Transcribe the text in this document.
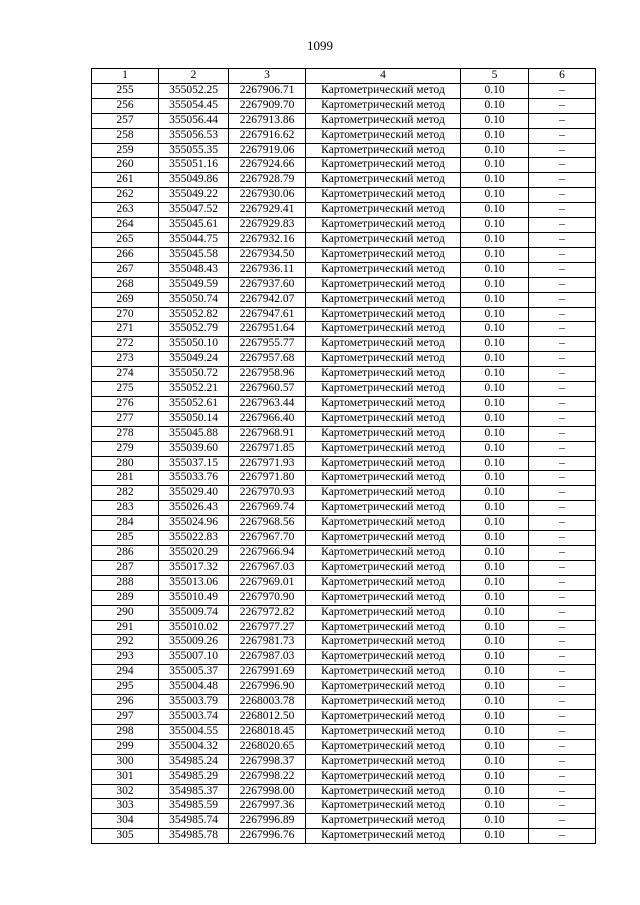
1099
1	2	3	4	5	6
255	355052.25	2267906.71	Картометрический метод	0.10	–
256	355054.45	2267909.70	Картометрический метод	0.10	–
257	355056.44	2267913.86	Картометрический метод	0.10	–
258	355056.53	2267916.62	Картометрический метод	0.10	–
259	355055.35	2267919.06	Картометрический метод	0.10	–
260	355051.16	2267924.66	Картометрический метод	0.10	–
261	355049.86	2267928.79	Картометрический метод	0.10	–
262	355049.22	2267930.06	Картометрический метод	0.10	–
263	355047.52	2267929.41	Картометрический метод	0.10	–
264	355045.61	2267929.83	Картометрический метод	0.10	–
265	355044.75	2267932.16	Картометрический метод	0.10	–
266	355045.58	2267934.50	Картометрический метод	0.10	–
267	355048.43	2267936.11	Картометрический метод	0.10	–
268	355049.59	2267937.60	Картометрический метод	0.10	–
269	355050.74	2267942.07	Картометрический метод	0.10	–
270	355052.82	2267947.61	Картометрический метод	0.10	–
271	355052.79	2267951.64	Картометрический метод	0.10	–
272	355050.10	2267955.77	Картометрический метод	0.10	–
273	355049.24	2267957.68	Картометрический метод	0.10	–
274	355050.72	2267958.96	Картометрический метод	0.10	–
275	355052.21	2267960.57	Картометрический метод	0.10	–
276	355052.61	2267963.44	Картометрический метод	0.10	–
277	355050.14	2267966.40	Картометрический метод	0.10	–
278	355045.88	2267968.91	Картометрический метод	0.10	–
279	355039.60	2267971.85	Картометрический метод	0.10	–
280	355037.15	2267971.93	Картометрический метод	0.10	–
281	355033.76	2267971.80	Картометрический метод	0.10	–
282	355029.40	2267970.93	Картометрический метод	0.10	–
283	355026.43	2267969.74	Картометрический метод	0.10	–
284	355024.96	2267968.56	Картометрический метод	0.10	–
285	355022.83	2267967.70	Картометрический метод	0.10	–
286	355020.29	2267966.94	Картометрический метод	0.10	–
287	355017.32	2267967.03	Картометрический метод	0.10	–
288	355013.06	2267969.01	Картометрический метод	0.10	–
289	355010.49	2267970.90	Картометрический метод	0.10	–
290	355009.74	2267972.82	Картометрический метод	0.10	–
291	355010.02	2267977.27	Картометрический метод	0.10	–
292	355009.26	2267981.73	Картометрический метод	0.10	–
293	355007.10	2267987.03	Картометрический метод	0.10	–
294	355005.37	2267991.69	Картометрический метод	0.10	–
295	355004.48	2267996.90	Картометрический метод	0.10	–
296	355003.79	2268003.78	Картометрический метод	0.10	–
297	355003.74	2268012.50	Картометрический метод	0.10	–
298	355004.55	2268018.45	Картометрический метод	0.10	–
299	355004.32	2268020.65	Картометрический метод	0.10	–
300	354985.24	2267998.37	Картометрический метод	0.10	–
301	354985.29	2267998.22	Картометрический метод	0.10	–
302	354985.37	2267998.00	Картометрический метод	0.10	–
303	354985.59	2267997.36	Картометрический метод	0.10	–
304	354985.74	2267996.89	Картометрический метод	0.10	–
305	354985.78	2267996.76	Картометрический метод	0.10	–
